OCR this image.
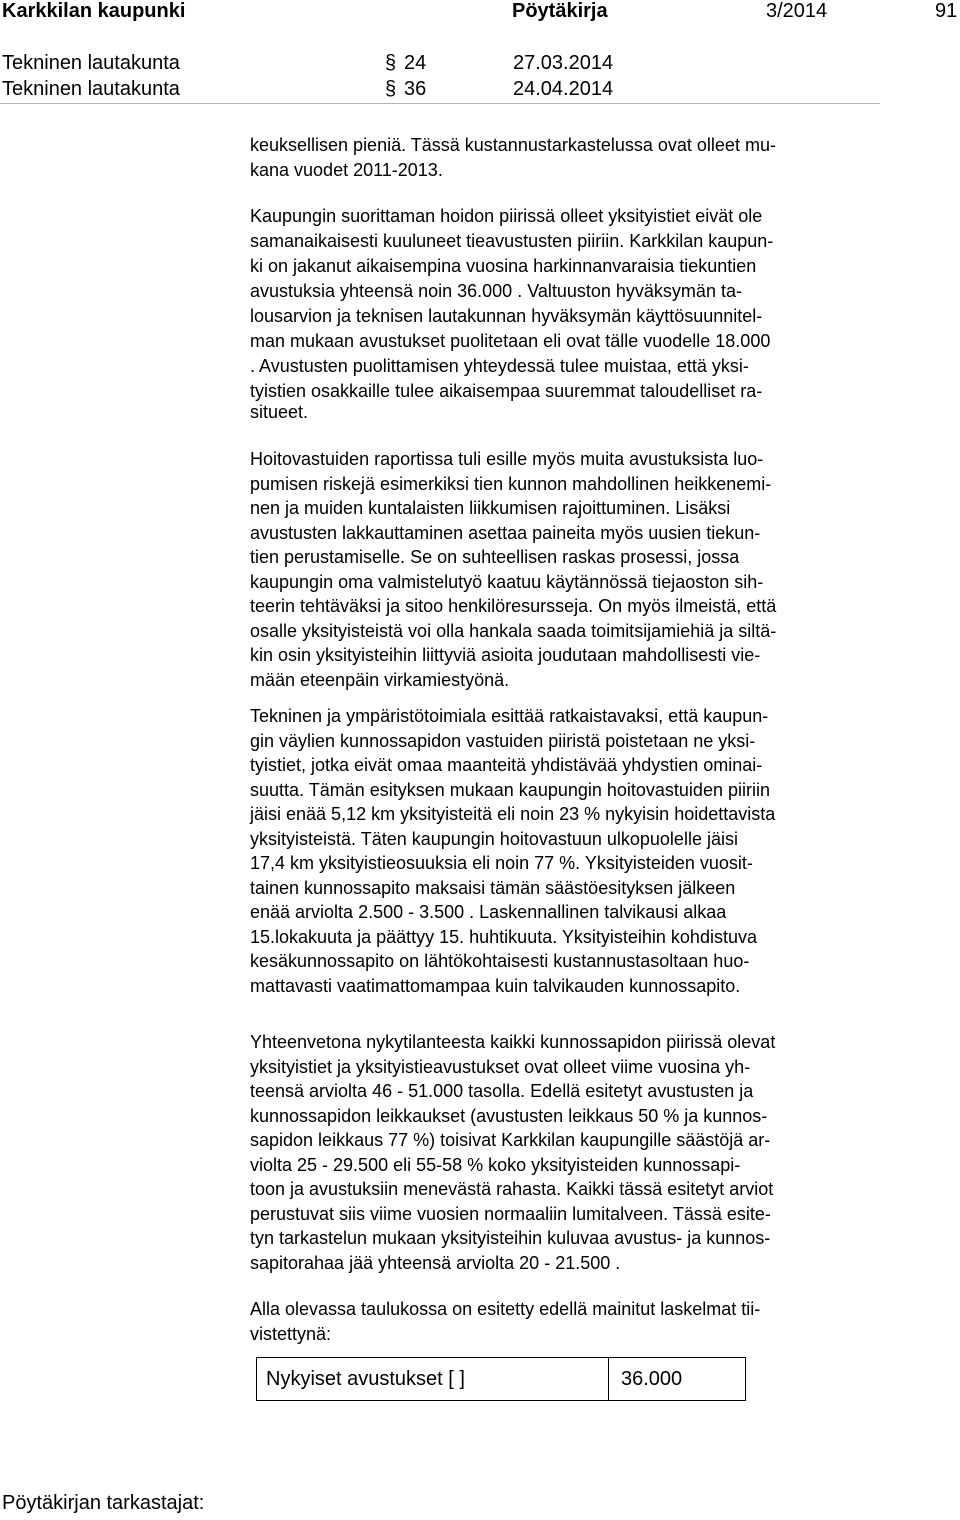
Karkkilan kaupunki	Pöytäkirja	3/2014	91
Tekninen lautakunta	§ 24	27.03.2014
Tekninen lautakunta	§ 36	24.04.2014
keuksellisen pieniä. Tässä kustannustarkastelussa ovat olleet mu-
kana vuodet 2011-2013.
Kaupungin suorittaman hoidon piirissä olleet yksityistiet eivät ole
samanaikaisesti kuuluneet tieavustusten piiriin. Karkkilan kaupun-
ki on jakanut aikaisempina vuosina harkinnanvaraisia tiekuntien
avustuksia yhteensä noin 36.000 . Valtuuston hyväksymän ta-
lousarvion ja teknisen lautakunnan hyväksymän käyttösuunnitel-
man mukaan avustukset puolitetaan eli ovat tälle vuodelle 18.000
. Avustusten puolittamisen yhteydessä tulee muistaa, että yksi-
tyistien osakkaille tulee aikaisempaa suuremmat taloudelliset ra-
situeet.
Hoitovastuiden raportissa tuli esille myös muita avustuksista luo-
pumisen riskejä esimerkiksi tien kunnon mahdollinen heikkenemi-
nen ja muiden kuntalaisten liikkumisen rajoittuminen. Lisäksi
avustusten lakkauttaminen asettaa paineita myös uusien tiekun-
tien perustamiselle. Se on suhteellisen raskas prosessi, jossa
kaupungin oma valmistelutyö kaatuu käytännössä tiejaoston sih-
teerin tehtäväksi ja sitoo henkilöresursseja. On myös ilmeistä, että
osalle yksityisteistä voi olla hankala saada toimitsijamiehiä ja siltä-
kin osin yksityisteihin liittyviä asioita joudutaan mahdollisesti vie-
mään eteenpäin virkamiestyönä.
Tekninen ja ympäristötoimiala esittää ratkaistavaksi, että kaupun-
gin väylien kunnossapidon vastuiden piiristä poistetaan ne yksi-
tyistiet, jotka eivät omaa maanteitä yhdistävää yhdystien ominai-
suutta. Tämän esityksen mukaan kaupungin hoitovastuiden piiriin
jäisi enää 5,12 km yksityisteitä eli noin 23 % nykyisin hoidettavista
yksityisteistä. Täten kaupungin hoitovastuun ulkopuolelle jäisi
17,4 km yksityistieosuuksia eli noin 77 %. Yksityisteiden vuosit-
tainen kunnossapito maksaisi tämän säästöesityksen jälkeen
enää arviolta 2.500 - 3.500 . Laskennallinen talvikausi alkaa
15.lokakuuta ja päättyy 15. huhtikuuta. Yksityisteihin kohdistuva
kesäkunnossapito on lähtökohtaisesti kustannustasoltaan huo-
mattavasti vaatimattomampaa kuin talvikauden kunnossapito.
Yhteenvetona nykytilanteesta kaikki kunnossapidon piirissä olevat
yksityistiet ja yksityistieavustukset ovat olleet viime vuosina yh-
teensä arviolta 46 - 51.000 tasolla. Edellä esitetyt avustusten ja
kunnossapidon leikkaukset (avustusten leikkaus 50 % ja kunnos-
sapidon leikkaus 77 %) toisivat Karkkilan kaupungille säästöjä ar-
violta 25 - 29.500 eli 55-58 % koko yksityisteiden kunnossapi-
toon ja avustuksiin menevästä rahasta. Kaikki tässä esitetyt arviot
perustuvat siis viime vuosien normaaliin lumitalveen. Tässä esite-
tyn tarkastelun mukaan yksityisteihin kuluvaa avustus- ja kunnos-
sapitorahaa jää yhteensä arviolta 20 - 21.500 .
Alla olevassa taulukossa on esitetty edellä mainitut laskelmat tii-
vistettynä:
Nykyiset avustukset [ ]	36.000
Pöytäkirjan tarkastajat:
